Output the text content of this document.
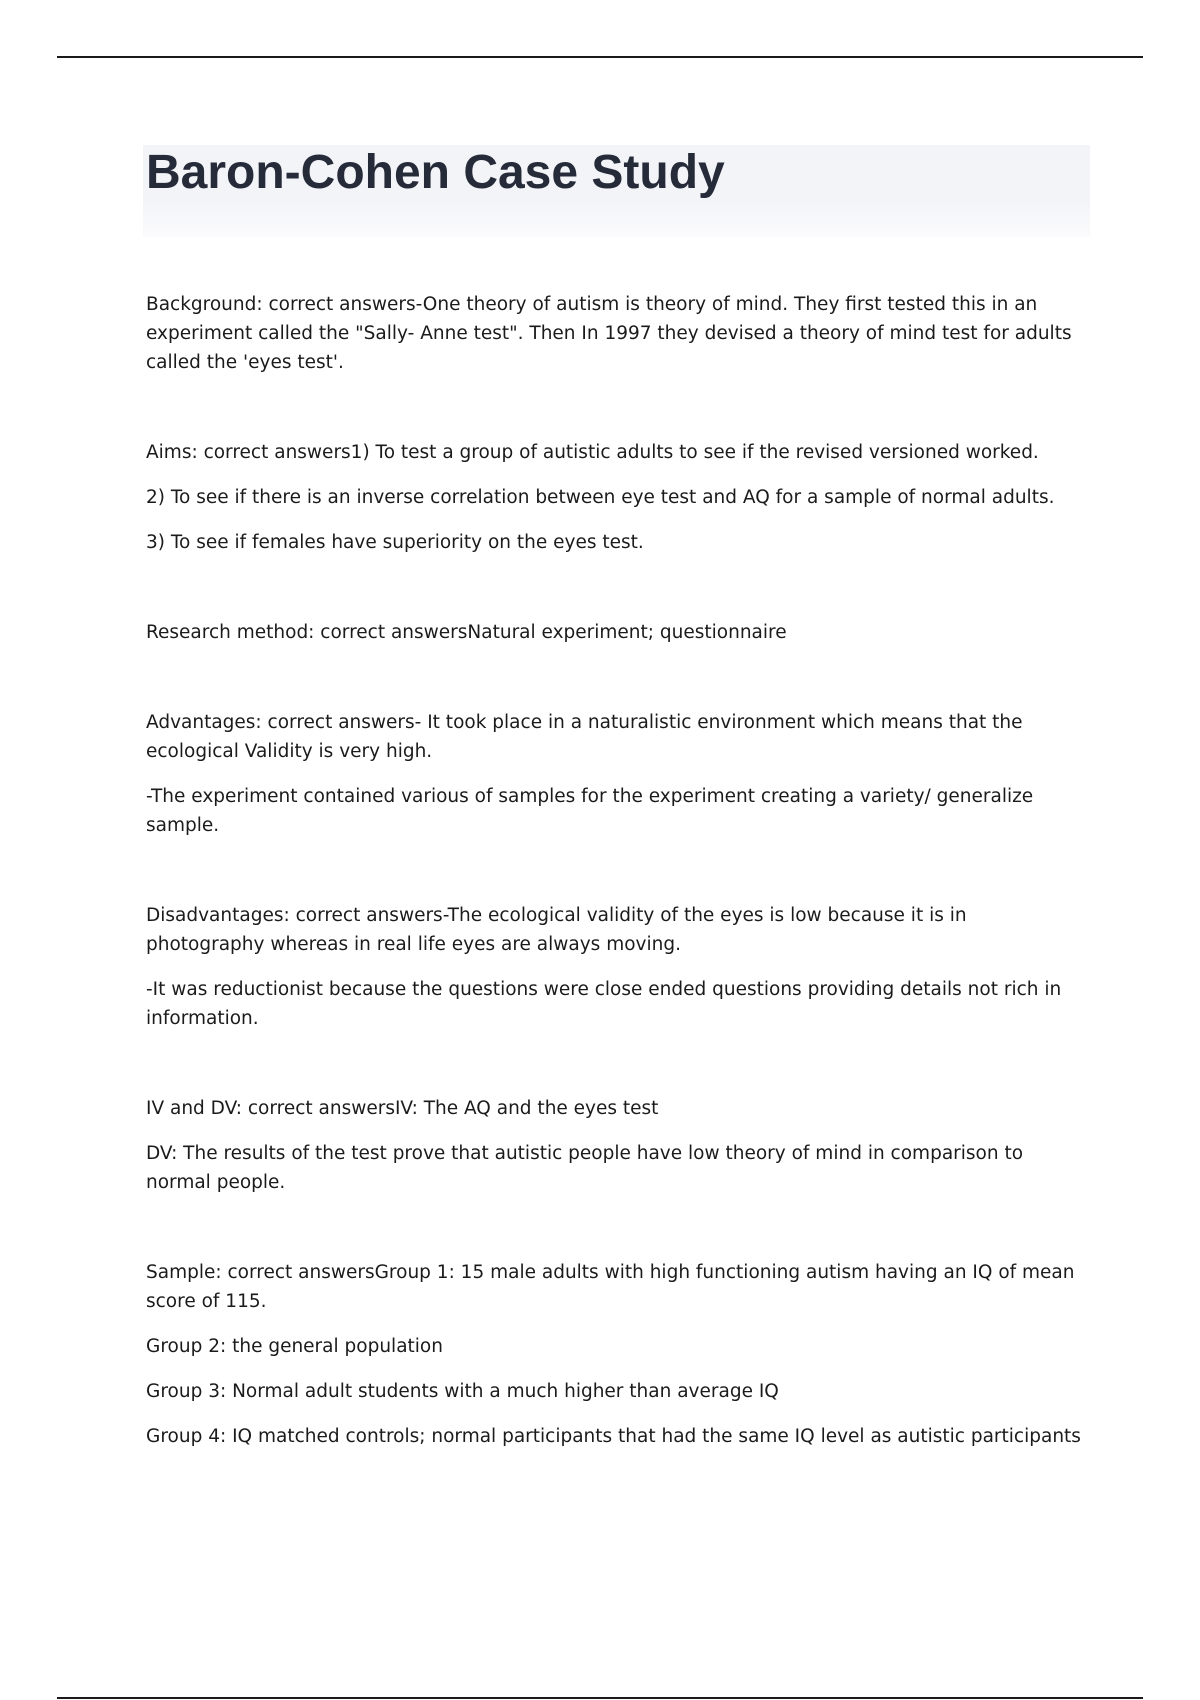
Baron-Cohen Case Study

Background: correct answers-One theory of autism is theory of mind. They first tested this in an experiment called the "Sally- Anne test". Then In 1997 they devised a theory of mind test for adults called the 'eyes test'.

Aims: correct answers1) To test a group of autistic adults to see if the revised versioned worked.

2) To see if there is an inverse correlation between eye test and AQ for a sample of normal adults.

3) To see if females have superiority on the eyes test.

Research method: correct answersNatural experiment; questionnaire

Advantages: correct answers- It took place in a naturalistic environment which means that the ecological Validity is very high.

-The experiment contained various of samples for the experiment creating a variety/ generalize sample.

Disadvantages: correct answers-The ecological validity of the eyes is low because it is in photography whereas in real life eyes are always moving.

-It was reductionist because the questions were close ended questions providing details not rich in information.

IV and DV: correct answersIV: The AQ and the eyes test

DV: The results of the test prove that autistic people have low theory of mind in comparison to normal people.

Sample: correct answersGroup 1: 15 male adults with high functioning autism having an IQ of mean score of 115.

Group 2: the general population

Group 3: Normal adult students with a much higher than average IQ

Group 4: IQ matched controls; normal participants that had the same IQ level as autistic participants
